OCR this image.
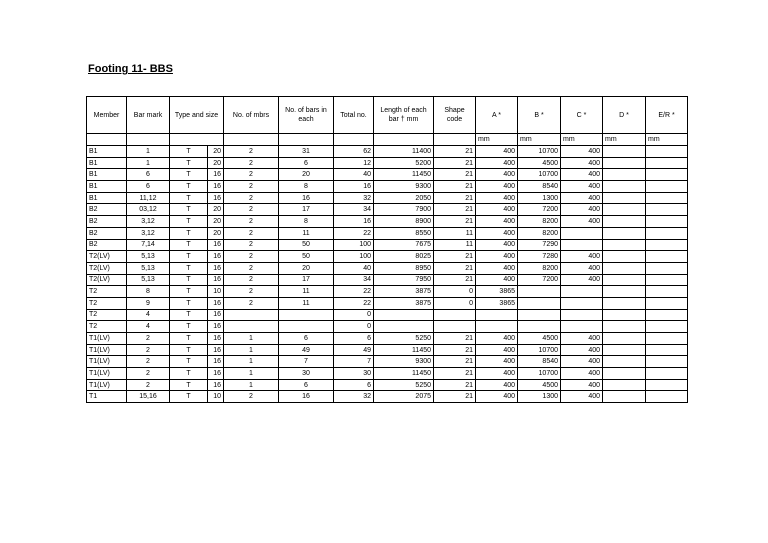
Footing 11- BBS
Member	Bar mark	Type and size		No. of mbrs	No. of bars in each	Total no.	Length of each bar † mm	Shape code	A *	B *	C *	D *	E/R *
									mm	mm	mm	mm	mm
B1	1	T	20	2	31	62	11400	21	400	10700	400		
B1	1	T	20	2	6	12	5200	21	400	4500	400		
B1	6	T	16	2	20	40	11450	21	400	10700	400		
B1	6	T	16	2	8	16	9300	21	400	8540	400		
B1	11,12	T	16	2	16	32	2050	21	400	1300	400		
B2	03,12	T	20	2	17	34	7900	21	400	7200	400		
B2	3,12	T	20	2	8	16	8900	21	400	8200	400		
B2	3,12	T	20	2	11	22	8550	11	400	8200			
B2	7,14	T	16	2	50	100	7675	11	400	7290			
T2(LV)	5,13	T	16	2	50	100	8025	21	400	7280	400		
T2(LV)	5,13	T	16	2	20	40	8950	21	400	8200	400		
T2(LV)	5,13	T	16	2	17	34	7950	21	400	7200	400		
T2	8	T	10	2	11	22	3875	0	3865				
T2	9	T	16	2	11	22	3875	0	3865				
T2	4	T	16			0							
T2	4	T	16			0							
T1(LV)	2	T	16	1	6	6	5250	21	400	4500	400		
T1(LV)	2	T	16	1	49	49	11450	21	400	10700	400		
T1(LV)	2	T	16	1	7	7	9300	21	400	8540	400		
T1(LV)	2	T	16	1	30	30	11450	21	400	10700	400		
T1(LV)	2	T	16	1	6	6	5250	21	400	4500	400		
T1	15,16	T	10	2	16	32	2075	21	400	1300	400		
